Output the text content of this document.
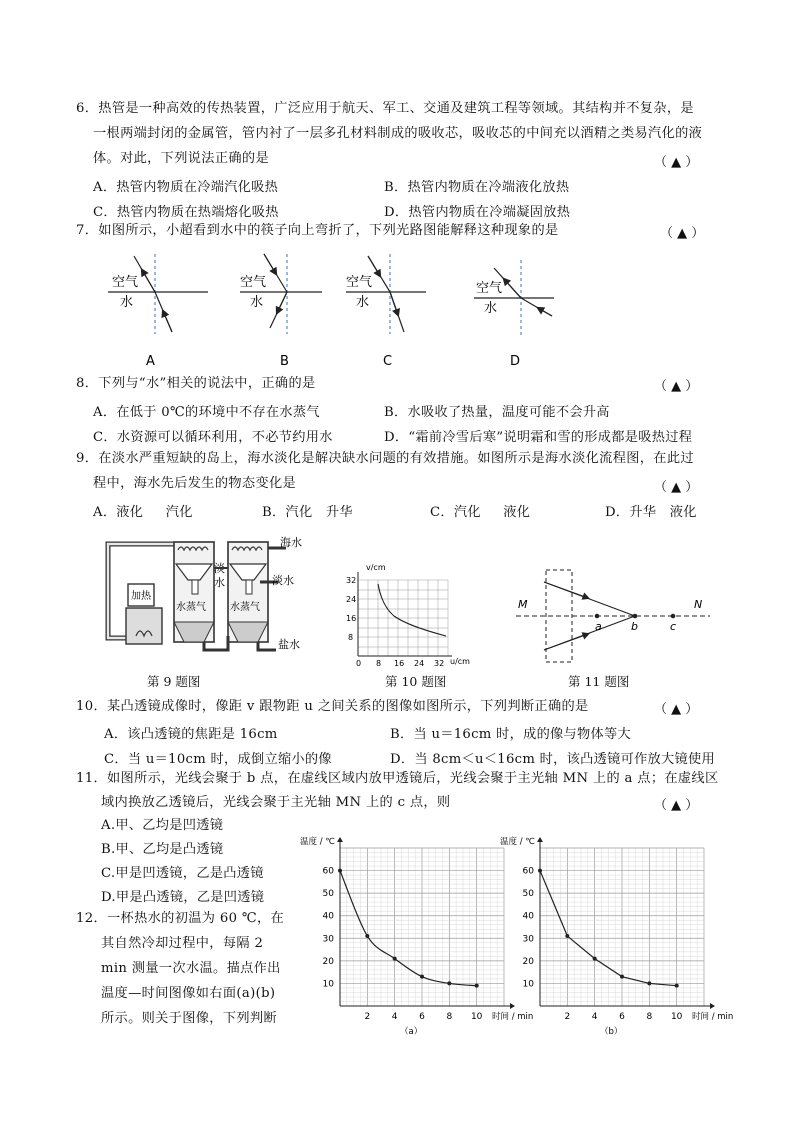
6．热管是一种高效的传热装置，广泛应用于航天、军工、交通及建筑工程等领域。其结构并不复杂，是
一根两端封闭的金属管，管内衬了一层多孔材料制成的吸收芯，吸收芯的中间充以酒精之类易汽化的液
体。对此，下列说法正确的是	（ ▲ ）
A．热管内物质在冷端汽化吸热	B．热管内物质在冷端液化放热
C．热管内物质在热端熔化吸热	D．热管内物质在冷端凝固放热
7．如图所示，小超看到水中的筷子向上弯折了，下列光路图能解释这种现象的是	（ ▲ ）
空气
水
空气
水
空气
水
空气
水
A	B	C	D
8．下列与“水”相关的说法中，正确的是	（ ▲ ）
A．在低于 0℃的环境中不存在水蒸气	B．水吸收了热量，温度可能不会升高
C．水资源可以循环利用，不必节约用水	D．“霜前冷雪后寒”说明霜和雪的形成都是吸热过程
9．在淡水严重短缺的岛上，海水淡化是解决缺水问题的有效措施。如图所示是海水淡化流程图，在此过
程中，海水先后发生的物态变化是	（ ▲ ）
A．液化     汽化	B．汽化   升华	C．汽化     液化	D．升华   液化
加热
水蒸气
淡
水
水蒸气
海水
淡水
盐水
第 9 题图
v/cm
u/cm
32
24
16
8
0 8 16 24 32
第 10 题图
M	N
a	b	c
第 11 题图
10．某凸透镜成像时，像距 v 跟物距 u 之间关系的图像如图所示，下列判断正确的是	（ ▲ ）
A．该凸透镜的焦距是 16cm	B．当 u＝16cm 时，成的像与物体等大
C．当 u＝10cm 时，成倒立缩小的像	D．当 8cm＜u＜16cm 时，该凸透镜可作放大镜使用
11．如图所示，光线会聚于 b 点，在虚线区域内放甲透镜后，光线会聚于主光轴 MN 上的 a 点；在虚线区
域内换放乙透镜后，光线会聚于主光轴 MN 上的 c 点，则	（ ▲ ）
A.甲、乙均是凹透镜
B.甲、乙均是凸透镜
C.甲是凹透镜，乙是凸透镜
D.甲是凸透镜，乙是凹透镜
12．一杯热水的初温为 60 ℃，在
其自然冷却过程中，每隔 2
min 测量一次水温。描点作出
温度—时间图像如右面(a)(b)
所示。则关于图像，下列判断
10
20
30
40
50
60
2 4 6 8 10
温度 / ℃
时间 / min
（a）
10
20
30
40
50
60
2 4 6 8 10
温度 / ℃
时间 / min
（b）
